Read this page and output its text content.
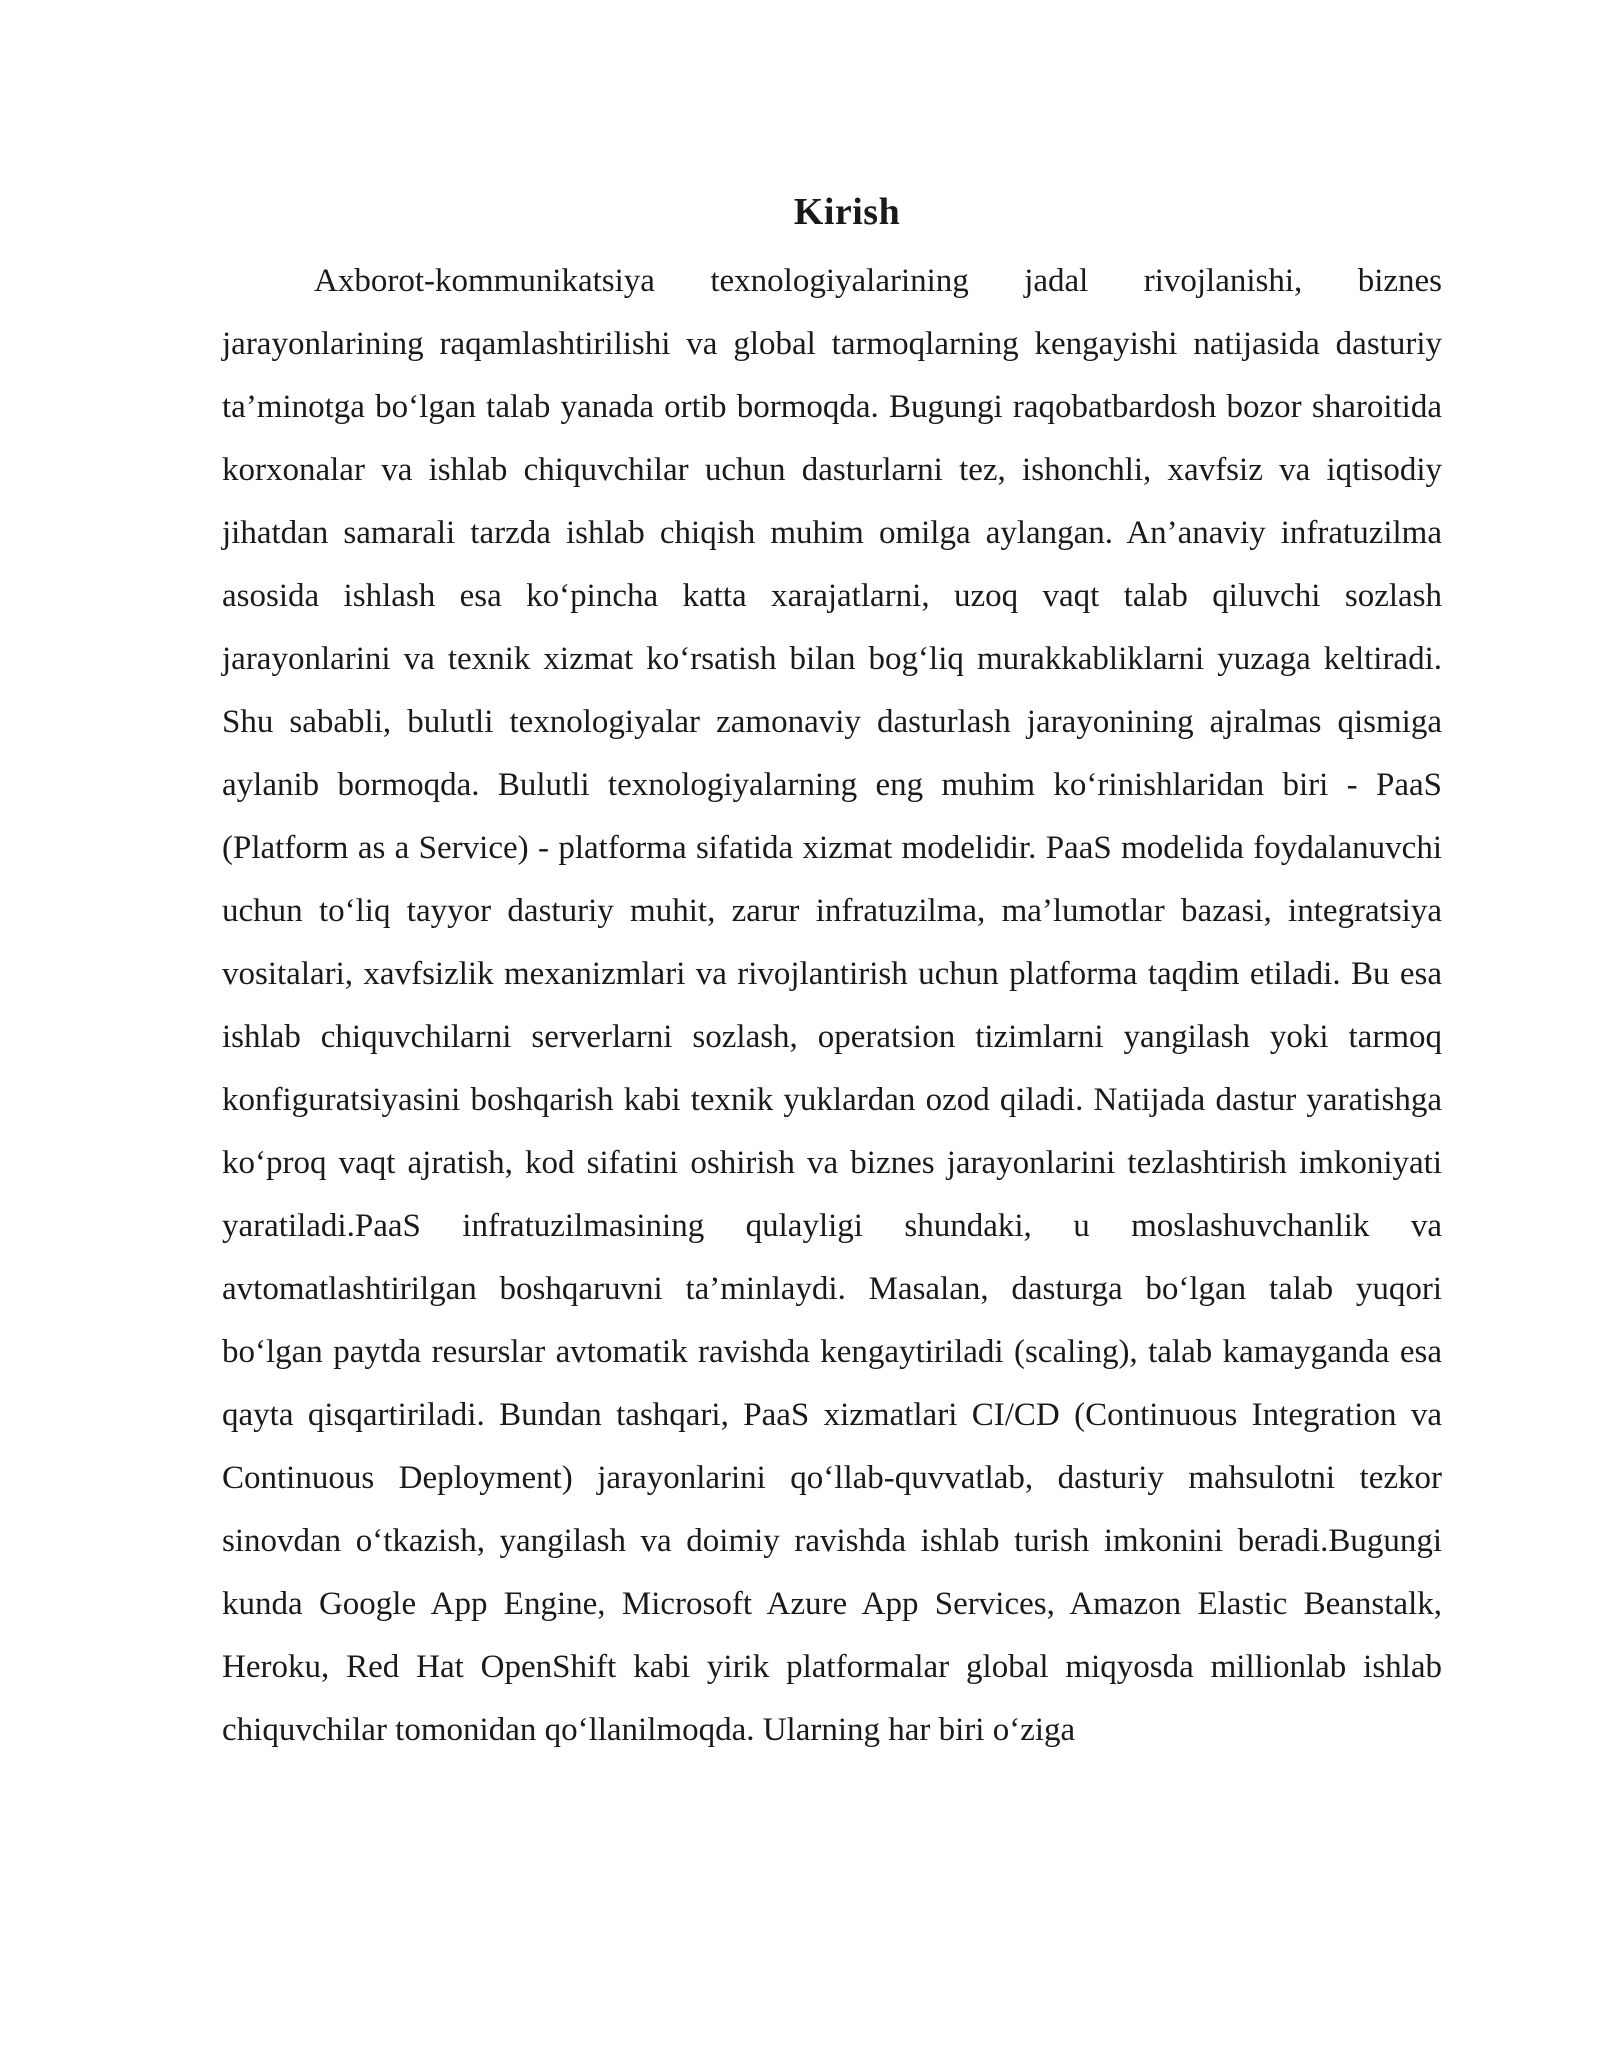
Kirish

Axborot-kommunikatsiya texnologiyalarining jadal rivojlanishi, biznes jarayonlarining raqamlashtirilishi va global tarmoqlarning kengayishi natijasida dasturiy ta’minotga bo‘lgan talab yanada ortib bormoqda. Bugungi raqobatbardosh bozor sharoitida korxonalar va ishlab chiquvchilar uchun dasturlarni tez, ishonchli, xavfsiz va iqtisodiy jihatdan samarali tarzda ishlab chiqish muhim omilga aylangan. An’anaviy infratuzilma asosida ishlash esa ko‘pincha katta xarajatlarni, uzoq vaqt talab qiluvchi sozlash jarayonlarini va texnik xizmat ko‘rsatish bilan bog‘liq murakkabliklarni yuzaga keltiradi. Shu sababli, bulutli texnologiyalar zamonaviy dasturlash jarayonining ajralmas qismiga aylanib bormoqda. Bulutli texnologiyalarning eng muhim ko‘rinishlaridan biri - PaaS (Platform as a Service) - platforma sifatida xizmat modelidir. PaaS modelida foydalanuvchi uchun to‘liq tayyor dasturiy muhit, zarur infratuzilma, ma’lumotlar bazasi, integratsiya vositalari, xavfsizlik mexanizmlari va rivojlantirish uchun platforma taqdim etiladi. Bu esa ishlab chiquvchilarni serverlarni sozlash, operatsion tizimlarni yangilash yoki tarmoq konfiguratsiyasini boshqarish kabi texnik yuklardan ozod qiladi. Natijada dastur yaratishga ko‘proq vaqt ajratish, kod sifatini oshirish va biznes jarayonlarini tezlashtirish imkoniyati yaratiladi.PaaS infratuzilmasining qulayligi shundaki, u moslashuvchanlik va avtomatlashtirilgan boshqaruvni ta’minlaydi. Masalan, dasturga bo‘lgan talab yuqori bo‘lgan paytda resurslar avtomatik ravishda kengaytiriladi (scaling), talab kamayganda esa qayta qisqartiriladi. Bundan tashqari, PaaS xizmatlari CI/CD (Continuous Integration va Continuous Deployment) jarayonlarini qo‘llab-quvvatlab, dasturiy mahsulotni tezkor sinovdan o‘tkazish, yangilash va doimiy ravishda ishlab turish imkonini beradi.Bugungi kunda Google App Engine, Microsoft Azure App Services, Amazon Elastic Beanstalk, Heroku, Red Hat OpenShift kabi yirik platformalar global miqyosda millionlab ishlab chiquvchilar tomonidan qo‘llanilmoqda. Ularning har biri o‘ziga
